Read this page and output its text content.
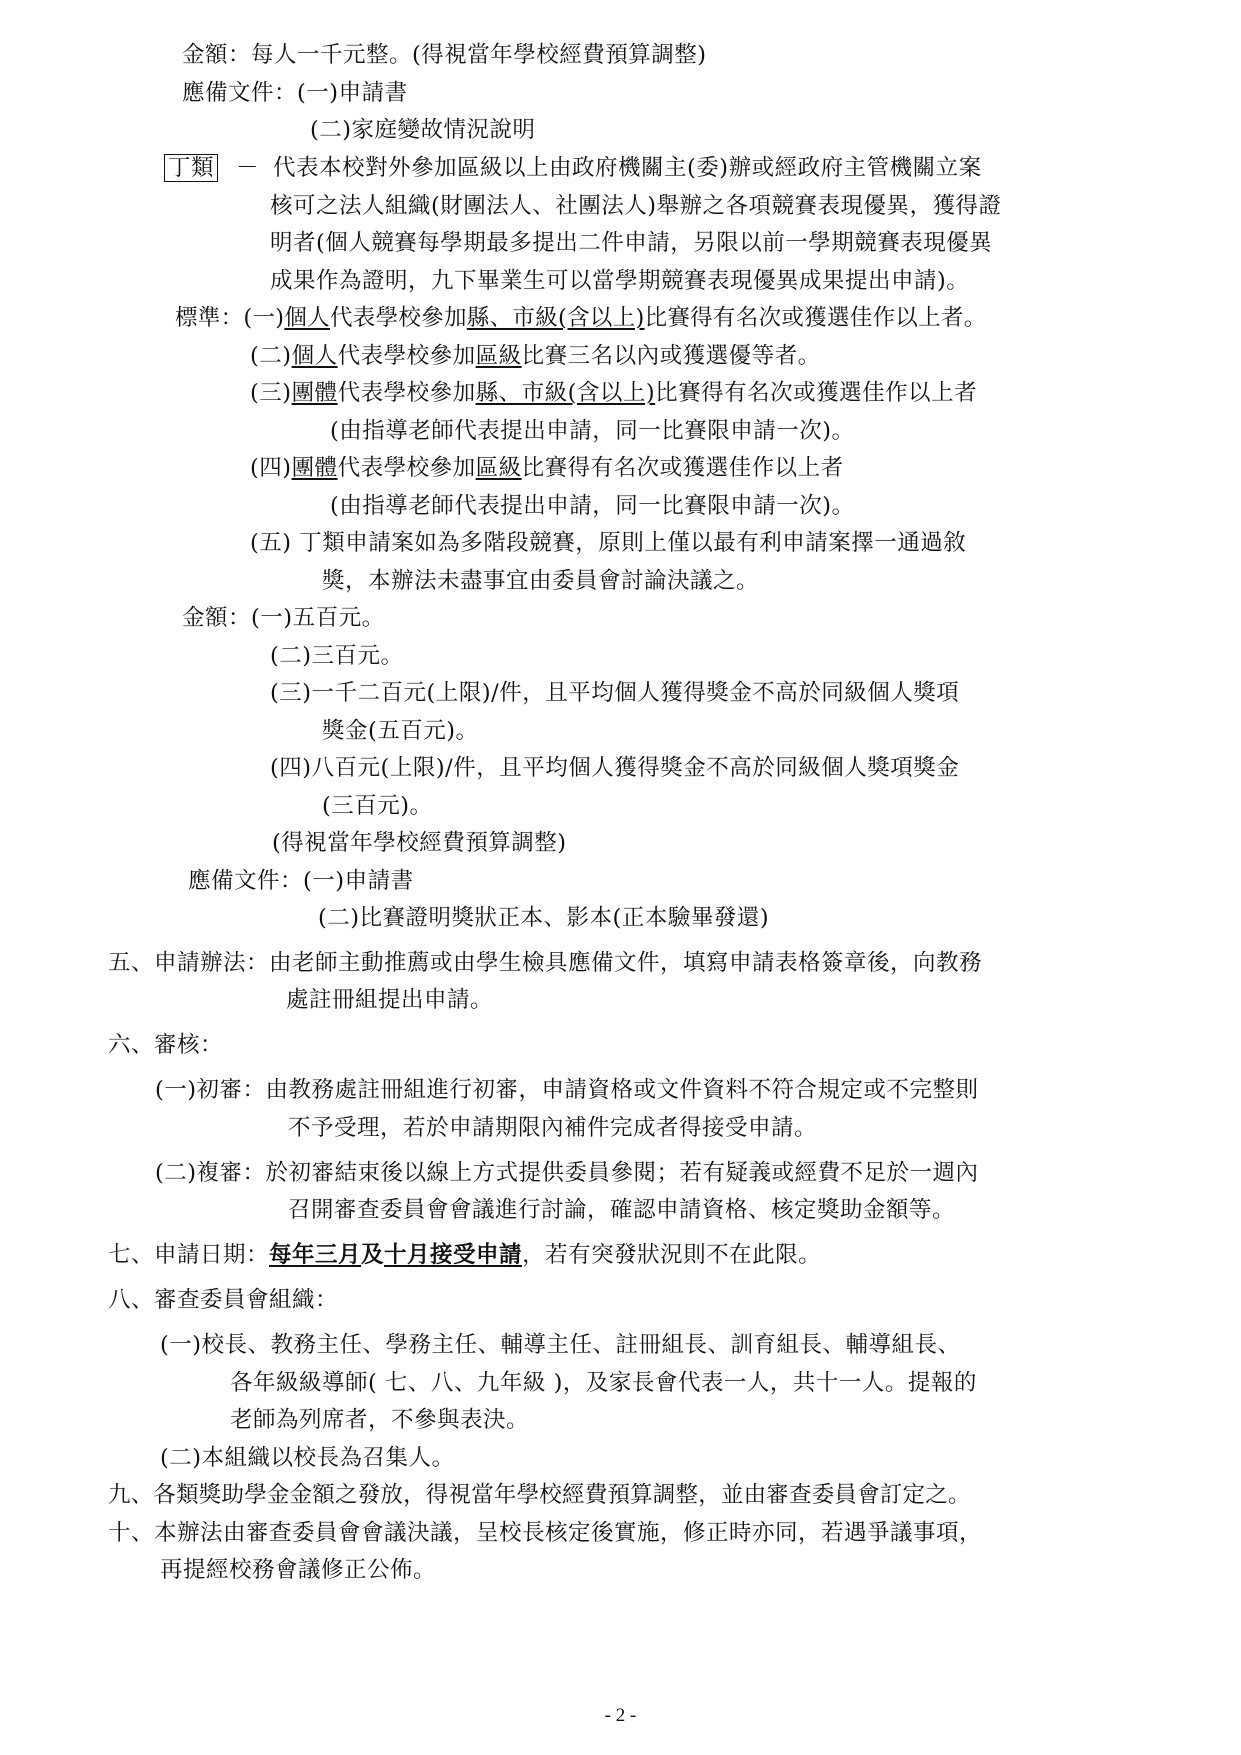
金額：每人一千元整。(得視當年學校經費預算調整)
應備文件：(一)申請書
(二)家庭變故情況說明
丁類 － 代表本校對外參加區級以上由政府機關主(委)辦或經政府主管機關立案
核可之法人組織(財團法人、社團法人)舉辦之各項競賽表現優異，獲得證
明者(個人競賽每學期最多提出二件申請，另限以前一學期競賽表現優異
成果作為證明，九下畢業生可以當學期競賽表現優異成果提出申請)。
標準：(一)個人代表學校參加縣、市級(含以上)比賽得有名次或獲選佳作以上者。
(二)個人代表學校參加區級比賽三名以內或獲選優等者。
(三)團體代表學校參加縣、市級(含以上)比賽得有名次或獲選佳作以上者
(由指導老師代表提出申請，同一比賽限申請一次)。
(四)團體代表學校參加區級比賽得有名次或獲選佳作以上者
(由指導老師代表提出申請，同一比賽限申請一次)。
(五) 丁類申請案如為多階段競賽，原則上僅以最有利申請案擇一通過敘
獎，本辦法未盡事宜由委員會討論決議之。
金額：(一)五百元。
(二)三百元。
(三)一千二百元(上限)/件，且平均個人獲得獎金不高於同級個人獎項
獎金(五百元)。
(四)八百元(上限)/件，且平均個人獲得獎金不高於同級個人獎項獎金
(三百元)。
(得視當年學校經費預算調整)
應備文件：(一)申請書
(二)比賽證明獎狀正本、影本(正本驗畢發還)
五、申請辦法：由老師主動推薦或由學生檢具應備文件，填寫申請表格簽章後，向教務
處註冊組提出申請。
六、審核：
(一)初審：由教務處註冊組進行初審，申請資格或文件資料不符合規定或不完整則
不予受理，若於申請期限內補件完成者得接受申請。
(二)複審：於初審結束後以線上方式提供委員參閱；若有疑義或經費不足於一週內
召開審查委員會會議進行討論，確認申請資格、核定獎助金額等。
七、申請日期：每年三月及十月接受申請，若有突發狀況則不在此限。
八、審查委員會組織：
(一)校長、教務主任、學務主任、輔導主任、註冊組長、訓育組長、輔導組長、
各年級級導師( 七、八、九年級 )，及家長會代表一人，共十一人。提報的
老師為列席者，不參與表決。
(二)本組織以校長為召集人。
九、各類獎助學金金額之發放，得視當年學校經費預算調整，並由審查委員會訂定之。
十、本辦法由審查委員會會議決議，呈校長核定後實施，修正時亦同，若遇爭議事項，
再提經校務會議修正公佈。
- 2 -
